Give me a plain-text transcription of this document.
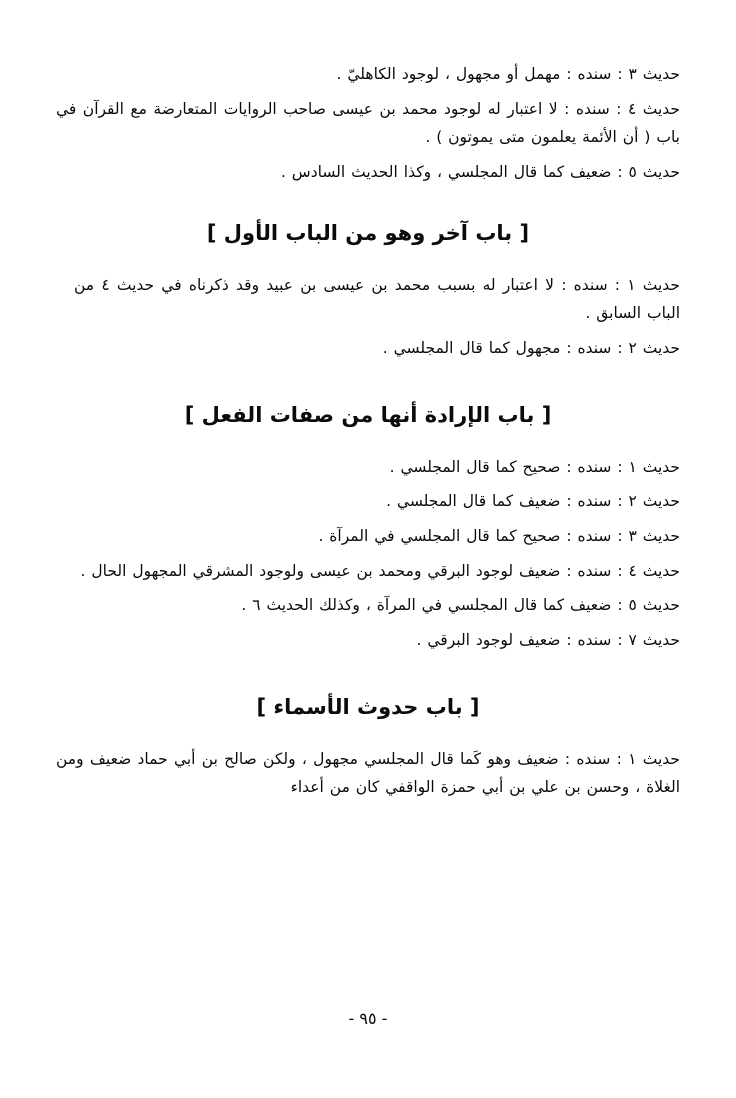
حديث ٣ : سنده : مهمل أو مجهول ، لوجود الكاهليّ .

حديث ٤ : سنده : لا اعتبار له لوجود محمد بن عيسى صاحب الروايات المتعارضة مع القرآن في باب ( أن الأئمة يعلمون متى يموتون ) .

حديث ٥ : ضعيف كما قال المجلسي ، وكذا الحديث السادس .

[ باب آخر وهو من الباب الأول ]

حديث ١ : سنده : لا اعتبار له بسبب محمد بن عيسى بن عبيد وقد ذكرناه في حديث ٤ من الباب السابق .

حديث ٢ : سنده : مجهول كما قال المجلسي .

[ باب الإرادة أنها من صفات الفعل ]

حديث ١ : سنده : صحيح كما قال المجلسي .

حديث ٢ : سنده : ضعيف كما قال المجلسي .

حديث ٣ : سنده : صحيح كما قال المجلسي في المرآة .

حديث ٤ : سنده : ضعيف لوجود البرقي ومحمد بن عيسى ولوجود المشرقي المجهول الحال .

حديث ٥ : ضعيف كما قال المجلسي في المرآة ، وكذلك الحديث ٦ .

حديث ٧ : سنده : ضعيف لوجود البرقي .

[ باب حدوث الأسماء ]

حديث ١ : سنده : ضعيف وهو كَما قال المجلسي مجهول ، ولكن صالح بن أبي حماد ضعيف ومن الغلاة ، وحسن بن علي بن أبي حمزة الواقفي كان من أعداء

- ٩٥ -
